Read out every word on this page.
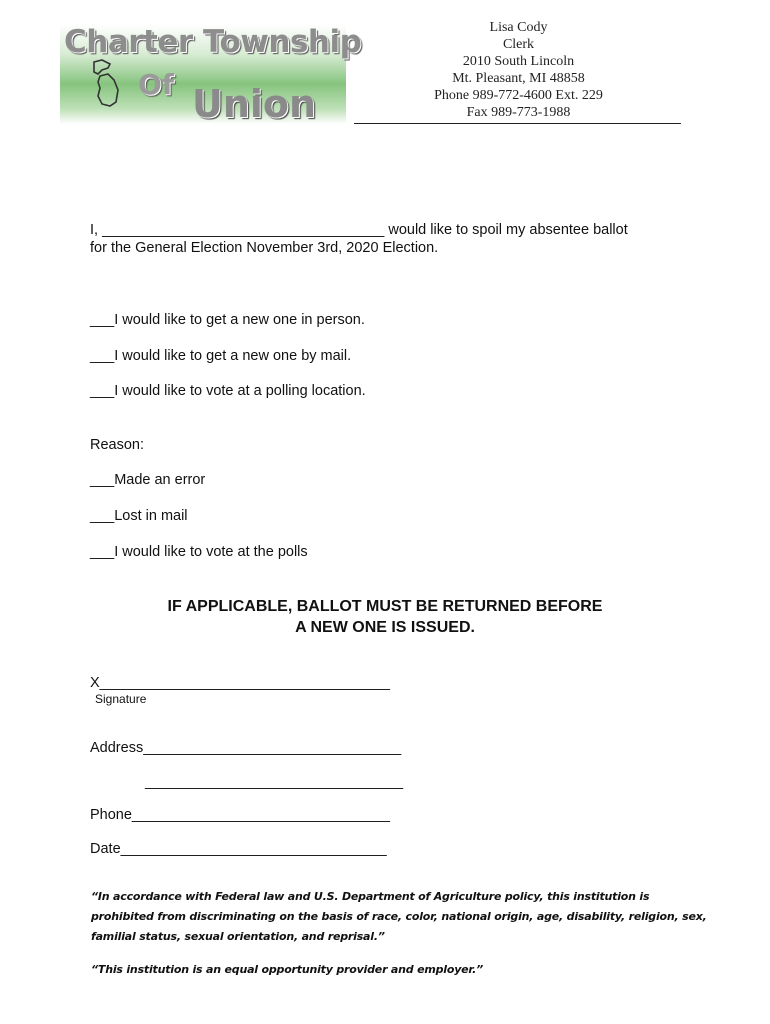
Charter Township
Of Union
Lisa Cody
Clerk
2010 South Lincoln
Mt. Pleasant, MI 48858
Phone 989-772-4600 Ext. 229
Fax 989-773-1988
I, ___________________________________ would like to spoil my absentee ballot
for the General Election November 3rd, 2020 Election.
___I would like to get a new one in person.
___I would like to get a new one by mail.
___I would like to vote at a polling location.
Reason:
___Made an error
___Lost in mail
___I would like to vote at the polls
IF APPLICABLE, BALLOT MUST BE RETURNED BEFORE
A NEW ONE IS ISSUED.
X____________________________________
Signature
Address________________________________
________________________________
Phone________________________________
Date_________________________________
“In accordance with Federal law and U.S. Department of Agriculture policy, this institution is
prohibited from discriminating on the basis of race, color, national origin, age, disability, religion, sex,
familial status, sexual orientation, and reprisal.”
“This institution is an equal opportunity provider and employer.”
